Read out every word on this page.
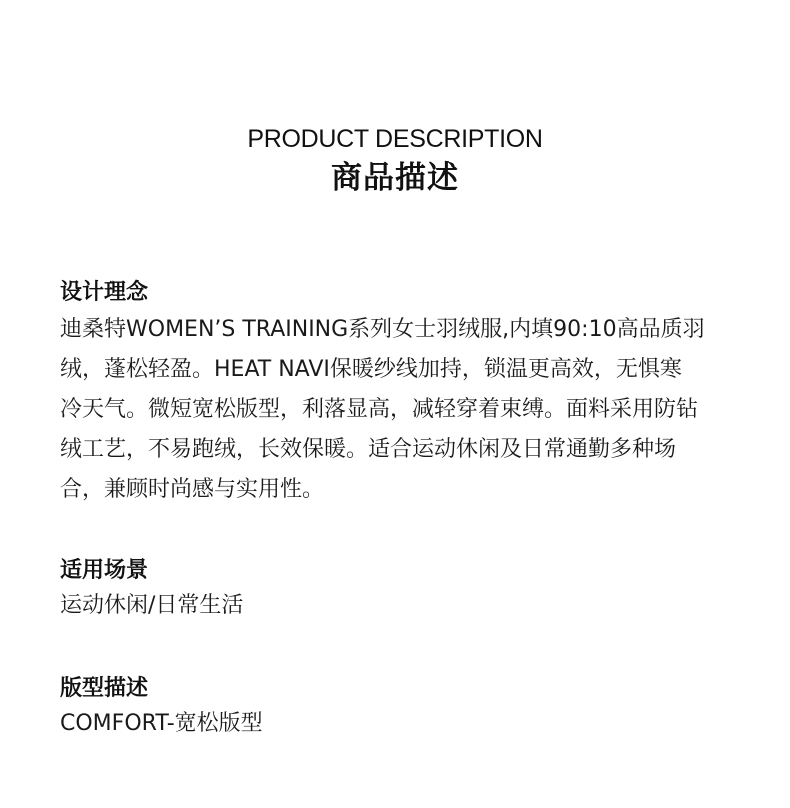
PRODUCT DESCRIPTION
商品描述
设计理念
迪桑特WOMEN’S TRAINING系列女士羽绒服,内填90:10高品质羽
绒，蓬松轻盈。HEAT NAVI保暖纱线加持，锁温更高效，无惧寒
冷天气。微短宽松版型，利落显高，减轻穿着束缚。面料采用防钻
绒工艺，不易跑绒，长效保暖。适合运动休闲及日常通勤多种场
合，兼顾时尚感与实用性。
适用场景
运动休闲/日常生活
版型描述
COMFORT-宽松版型
